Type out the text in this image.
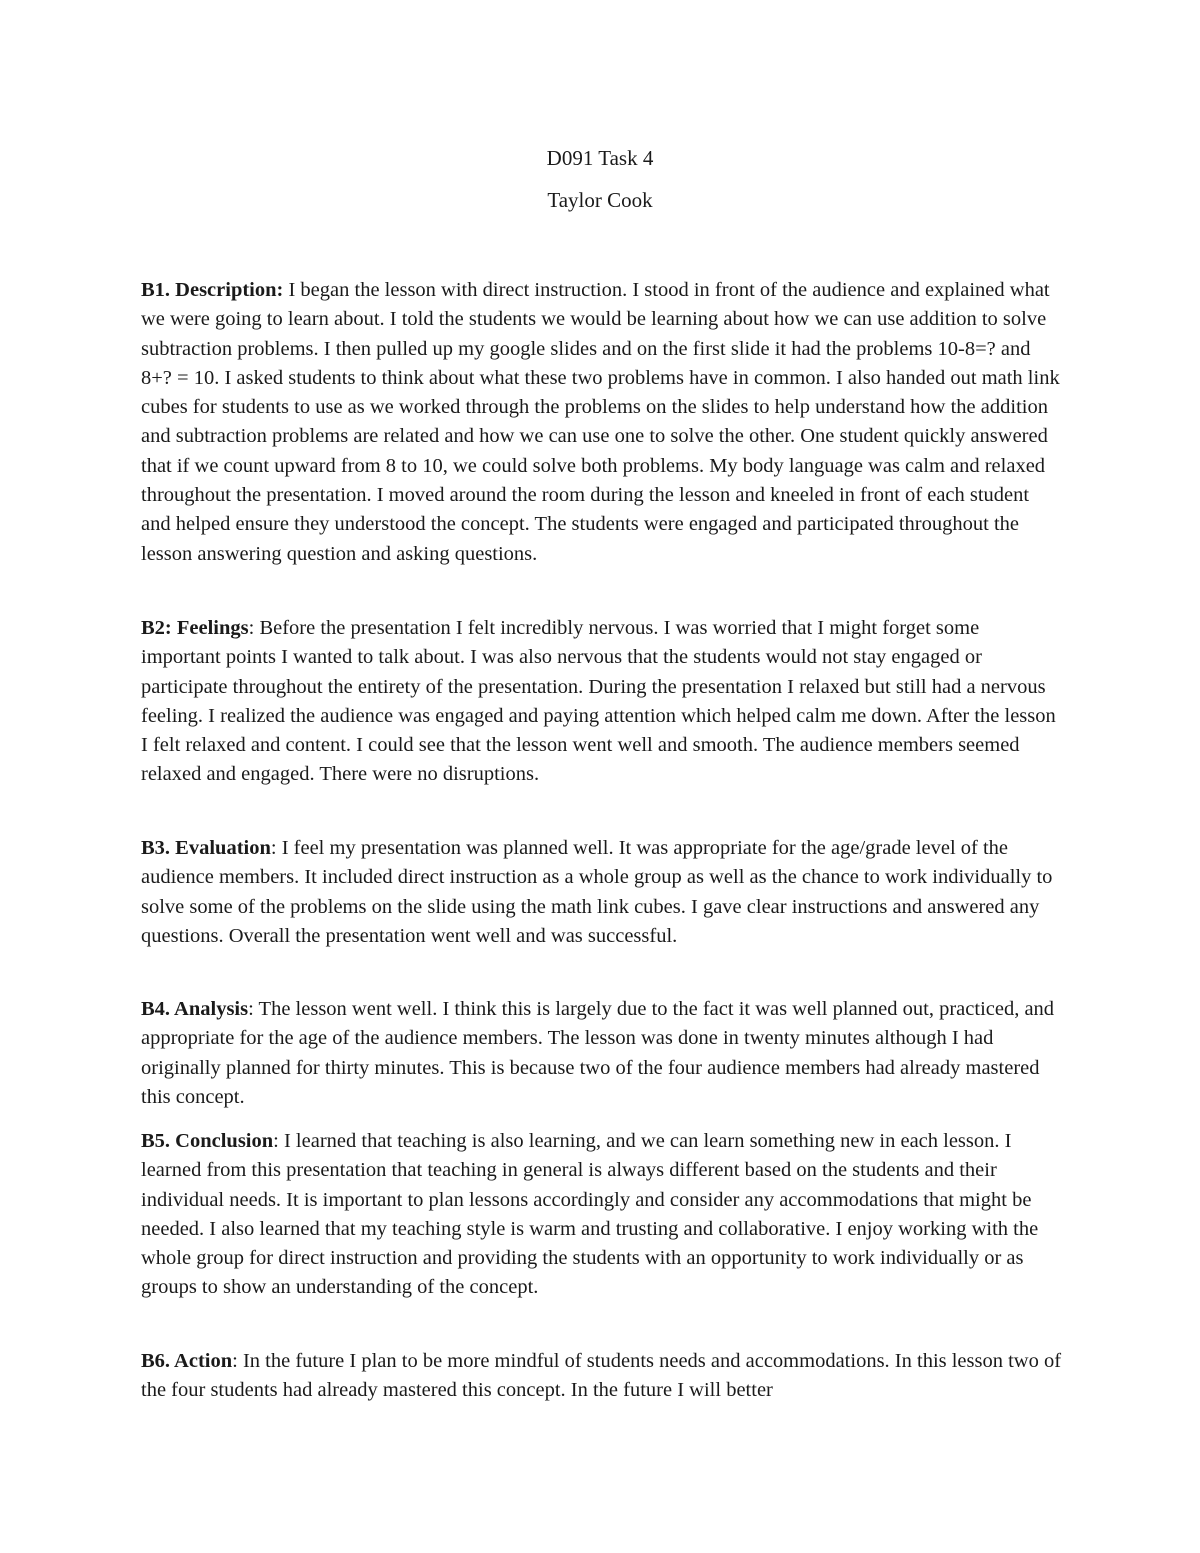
D091 Task 4
Taylor Cook

B1. Description: I began the lesson with direct instruction. I stood in front of the audience and explained what we were going to learn about. I told the students we would be learning about how we can use addition to solve subtraction problems. I then pulled up my google slides and on the first slide it had the problems 10-8=? and 8+? = 10. I asked students to think about what these two problems have in common. I also handed out math link cubes for students to use as we worked through the problems on the slides to help understand how the addition and subtraction problems are related and how we can use one to solve the other. One student quickly answered that if we count upward from 8 to 10, we could solve both problems. My body language was calm and relaxed throughout the presentation. I moved around the room during the lesson and kneeled in front of each student and helped ensure they understood the concept. The students were engaged and participated throughout the lesson answering question and asking questions.

B2: Feelings: Before the presentation I felt incredibly nervous. I was worried that I might forget some important points I wanted to talk about. I was also nervous that the students would not stay engaged or participate throughout the entirety of the presentation. During the presentation I relaxed but still had a nervous feeling. I realized the audience was engaged and paying attention which helped calm me down. After the lesson I felt relaxed and content. I could see that the lesson went well and smooth. The audience members seemed relaxed and engaged. There were no disruptions.

B3. Evaluation: I feel my presentation was planned well. It was appropriate for the age/grade level of the audience members. It included direct instruction as a whole group as well as the chance to work individually to solve some of the problems on the slide using the math link cubes. I gave clear instructions and answered any questions. Overall the presentation went well and was successful.

B4. Analysis: The lesson went well. I think this is largely due to the fact it was well planned out, practiced, and appropriate for the age of the audience members. The lesson was done in twenty minutes although I had originally planned for thirty minutes. This is because two of the four audience members had already mastered this concept.

B5. Conclusion: I learned that teaching is also learning, and we can learn something new in each lesson. I learned from this presentation that teaching in general is always different based on the students and their individual needs. It is important to plan lessons accordingly and consider any accommodations that might be needed. I also learned that my teaching style is warm and trusting and collaborative. I enjoy working with the whole group for direct instruction and providing the students with an opportunity to work individually or as groups to show an understanding of the concept.

B6. Action: In the future I plan to be more mindful of students needs and accommodations. In this lesson two of the four students had already mastered this concept. In the future I will better
